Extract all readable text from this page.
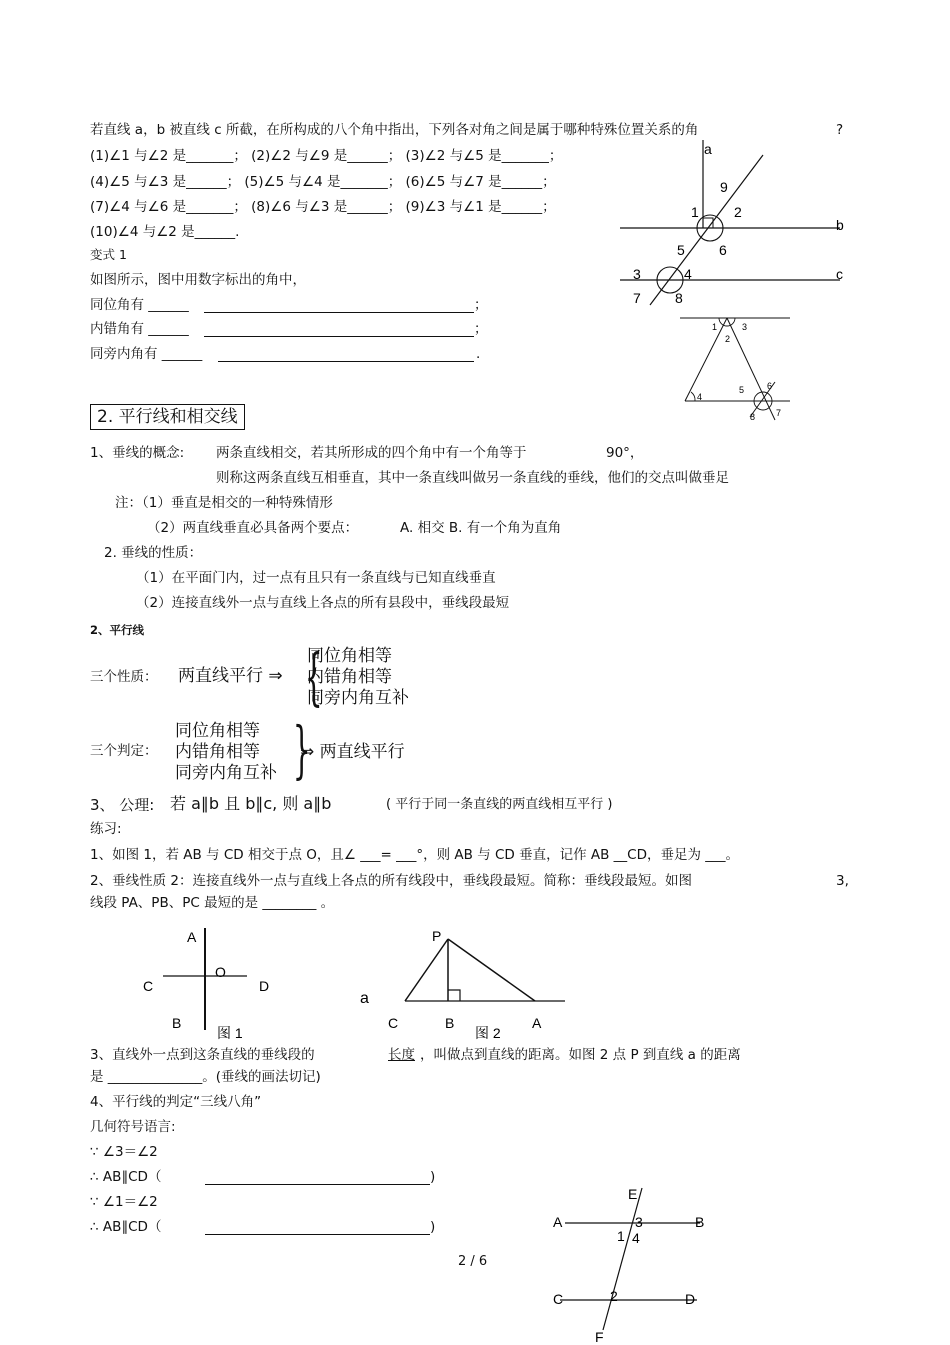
若直线 a，b 被直线 c 所截，在所构成的八个角中指出，下列各对角之间是属于哪种特殊位置关系的角	?
(1)∠1 与∠2 是_______； (2)∠2 与∠9 是______； (3)∠2 与∠5 是_______；
(4)∠5 与∠3 是______； (5)∠5 与∠4 是_______； (6)∠5 与∠7 是______；
(7)∠4 与∠6 是_______； (8)∠6 与∠3 是______； (9)∠3 与∠1 是______；
(10)∠4 与∠2 是______.
变式 1
如图所示，图中用数字标出的角中，
同位角有 ______	；
内错角有 ______	；
同旁内角有 ______	.
a
b
c
9
1	2
5 6
3	4
7 8
1
2
3
4
5	6
7
8
2. 平行线和相交线
1、垂线的概念: 两条直线相交，若其所形成的四个角中有一个角等于	90°，
则称这两条直线互相垂直，其中一条直线叫做另一条直线的垂线，他们的交点叫做垂足
注：（1）垂直是相交的一种特殊情形
（2）两直线垂直必具备两个要点：	A. 相交 B. 有一个角为直角
2. 垂线的性质：
（1）在平面门内，过一点有且只有一条直线与已知直线垂直
（2）连接直线外一点与直线上各点的所有县段中，垂线段最短
2、平行线
三个性质： 两直线平行 ⇒ {
同位角相等
内错角相等
同旁内角互补
三个判定：
同位角相等
内错角相等
同旁内角互补 }
⇒ 两直线平行
3、 公理: 若 a∥b 且 b∥c, 则 a∥b	( 平行于同一条直线的两直线相互平行 )
练习:
1、如图 1，若 AB 与 CD 相交于点 O，且∠ ___= ___°，则 AB 与 CD 垂直，记作 AB __CD，垂足为 ___。
2、垂线性质 2：连接直线外一点与直线上各点的所有线段中，垂线段最短。简称：垂线段最短。如图	3,
线段 PA、PB、PC 最短的是 ________ 。
A
O
C	D
B
图 1
P
a
C	B	A
图 2
3、直线外一点到这条直线的垂线段的	长度 ，叫做点到直线的距离。如图 2 点 P 到直线 a 的距离
是 ______________。(垂线的画法切记)
4、平行线的判定“三线八角”
几何符号语言:
∵ ∠3＝∠2
∴ AB∥CD（	)
∵ ∠1＝∠2
∴ AB∥CD（	)
E
A	B
3
1 4
C	2	D
F
2 / 6
